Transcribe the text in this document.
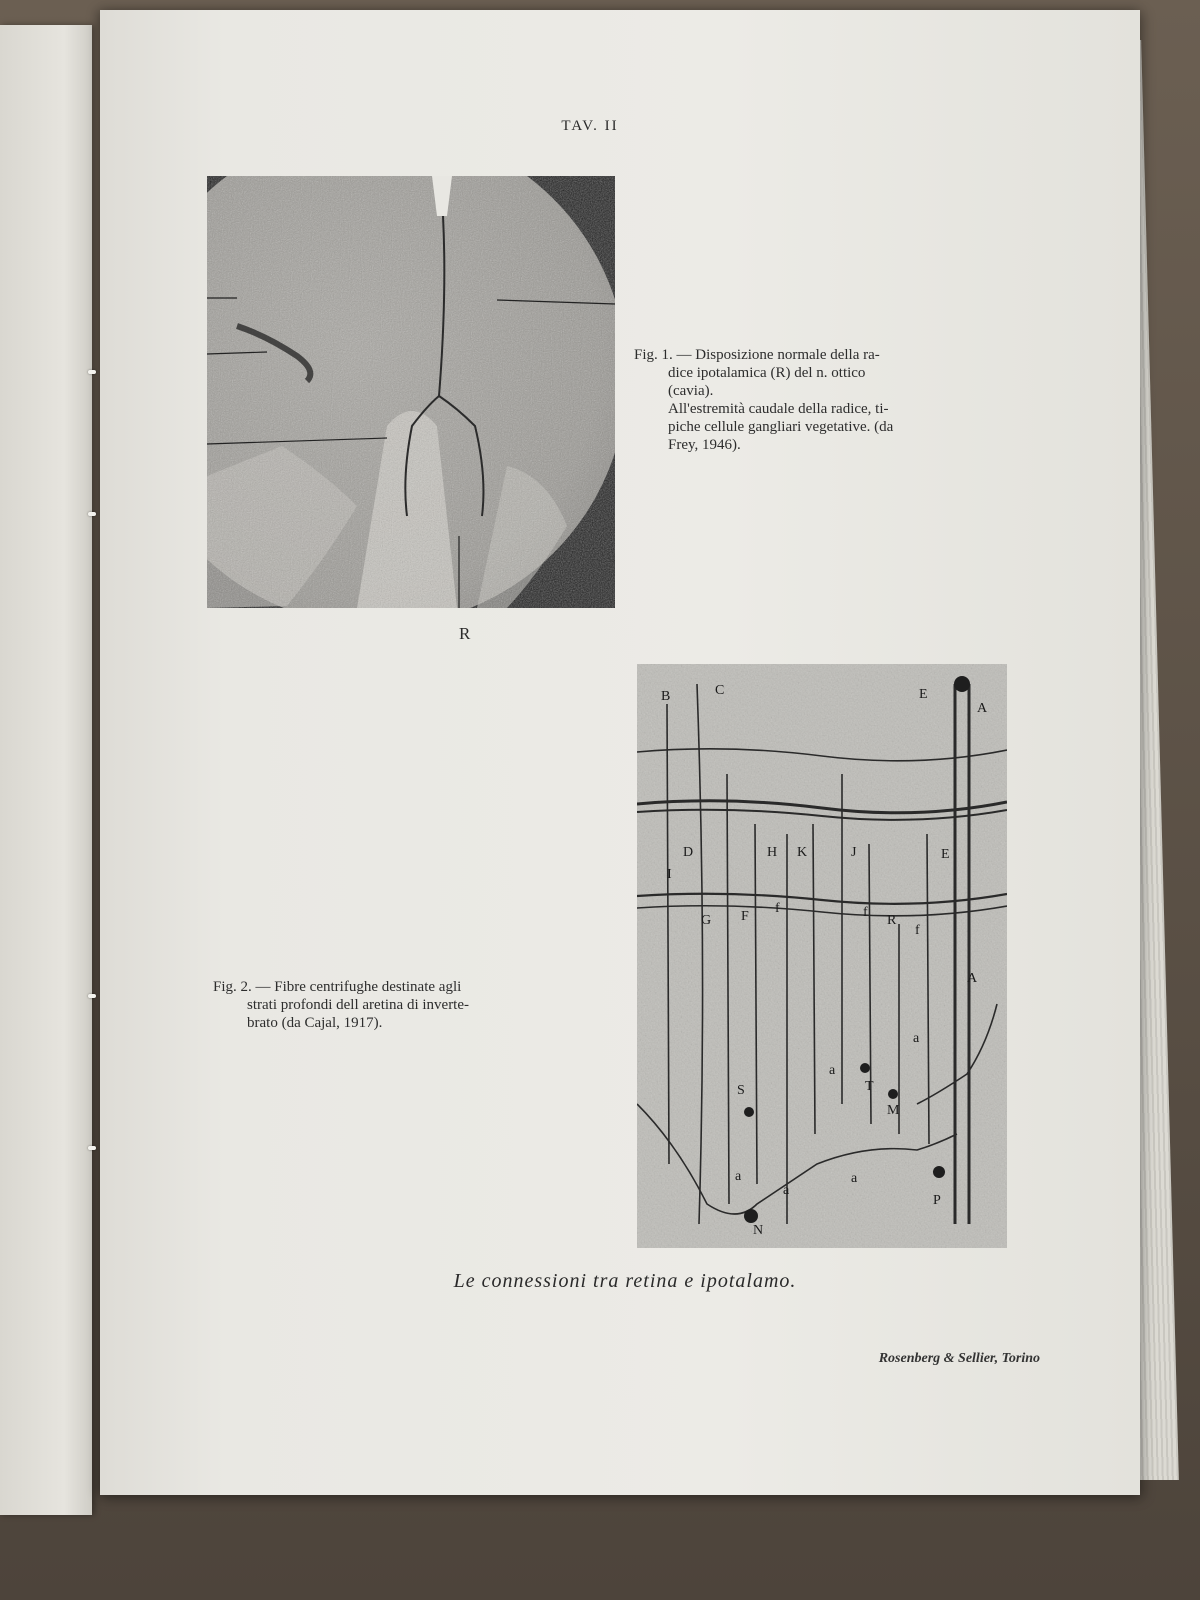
TAV. II
R
Fig. 1. — Disposizione normale della ra-
dice ipotalamica (R) del n. ottico
(cavia).
All'estremità caudale della radice, ti-
piche cellule gangliari vegetative. (da
Frey, 1946).
B	C	E
A
D
I
H K	J	E
G F
f	f
R
f
A
a
a
T
S
M
a
a
a
P
N
Fig. 2. — Fibre centrifughe destinate agli
strati profondi dell aretina di inverte-
brato (da Cajal, 1917).
Le connessioni tra retina e ipotalamo.
Rosenberg & Sellier, Torino
